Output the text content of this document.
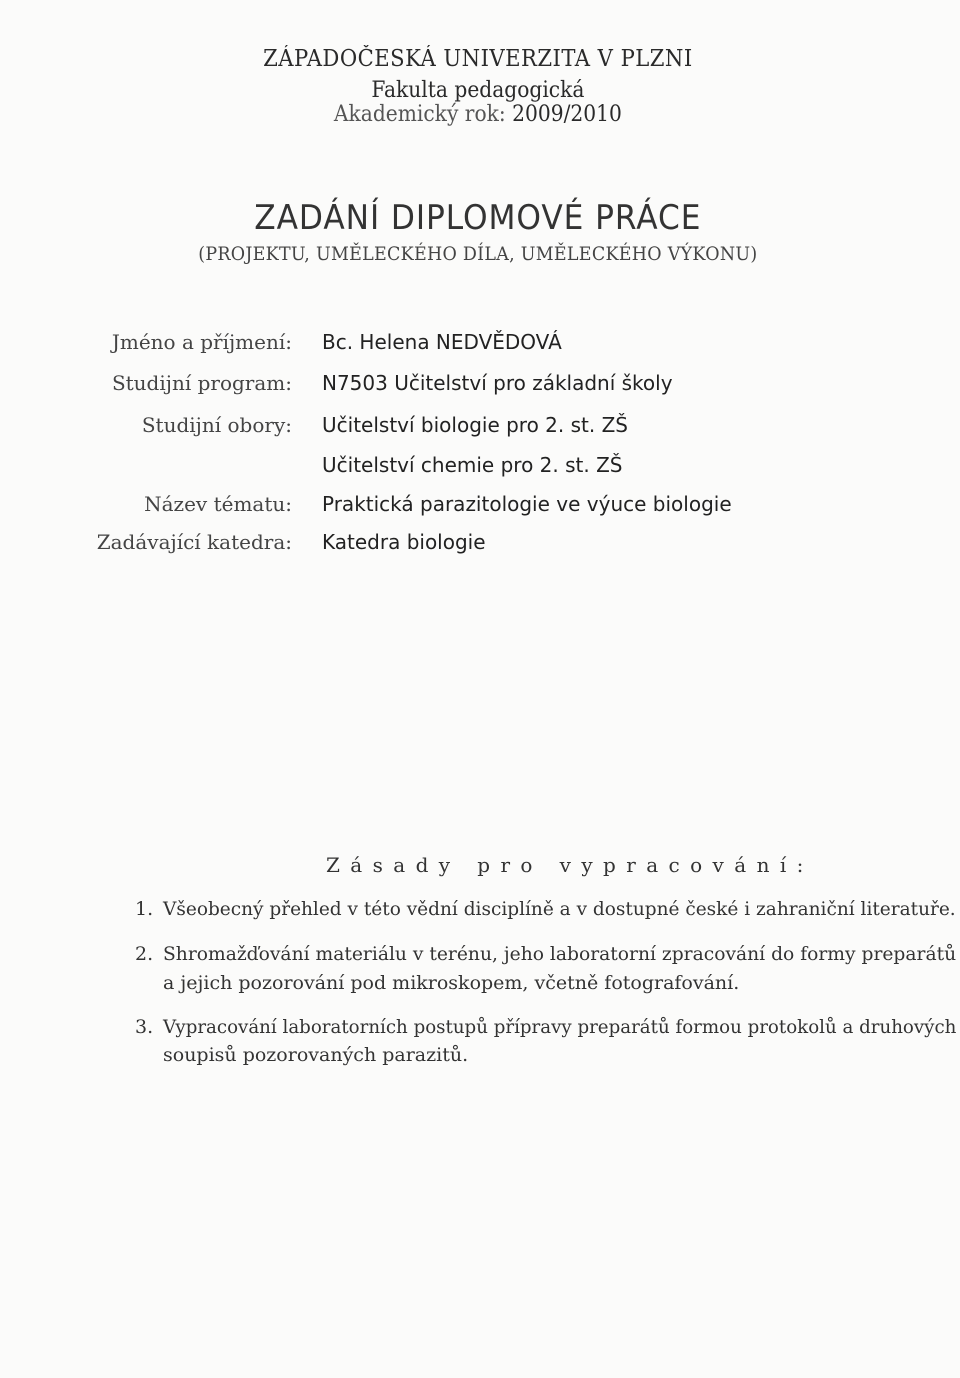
ZÁPADOČESKÁ UNIVERZITA V PLZNI
Fakulta pedagogická
Akademický rok: 2009/2010
ZADÁNÍ DIPLOMOVÉ PRÁCE
(PROJEKTU, UMĚLECKÉHO DÍLA, UMĚLECKÉHO VÝKONU)
Jméno a příjmení: Bc. Helena NEDVĚDOVÁ
Studijní program: N7503 Učitelství pro základní školy
Studijní obory: Učitelství biologie pro 2. st. ZŠ
Učitelství chemie pro 2. st. ZŠ
Název tématu: Praktická parazitologie ve výuce biologie
Zadávající katedra: Katedra biologie
Zásady pro vypracování:
1. Všeobecný přehled v této vědní disciplíně a v dostupné české i zahraniční literatuře.
2. Shromažďování materiálu v terénu, jeho laboratorní zpracování do formy preparátů
a jejich pozorování pod mikroskopem, včetně fotografování.
3. Vypracování laboratorních postupů přípravy preparátů formou protokolů a druhových
soupisů pozorovaných parazitů.
